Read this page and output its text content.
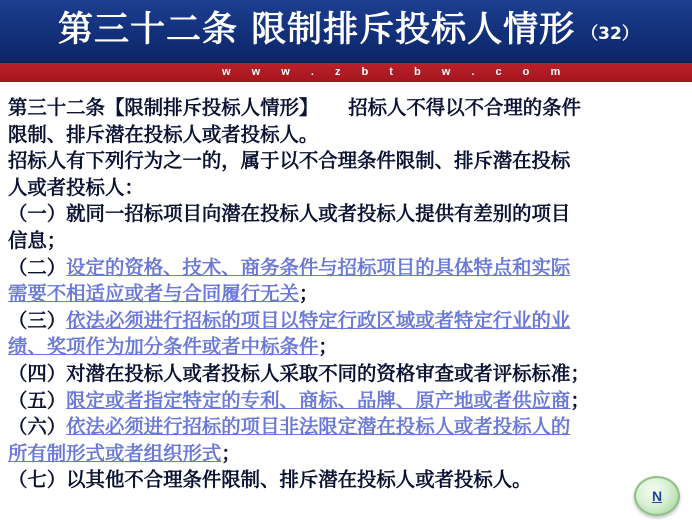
第三十二条 限制排斥投标人情形 （32）
w w w . z b t b w . c o m
第三十二条【限制排斥投标人情形】 招标人不得以不合理的条件
限制、排斥潜在投标人或者投标人。
招标人有下列行为之一的，属于以不合理条件限制、排斥潜在投标
人或者投标人：
（一）就同一招标项目向潜在投标人或者投标人提供有差别的项目
信息；
（二）设定的资格、技术、商务条件与招标项目的具体特点和实际
需要不相适应或者与合同履行无关；
（三）依法必须进行招标的项目以特定行政区域或者特定行业的业
绩、奖项作为加分条件或者中标条件；
（四）对潜在投标人或者投标人采取不同的资格审查或者评标标准；
（五）限定或者指定特定的专利、商标、品牌、原产地或者供应商；
（六）依法必须进行招标的项目非法限定潜在投标人或者投标人的
所有制形式或者组织形式；
（七）以其他不合理条件限制、排斥潜在投标人或者投标人。
N
